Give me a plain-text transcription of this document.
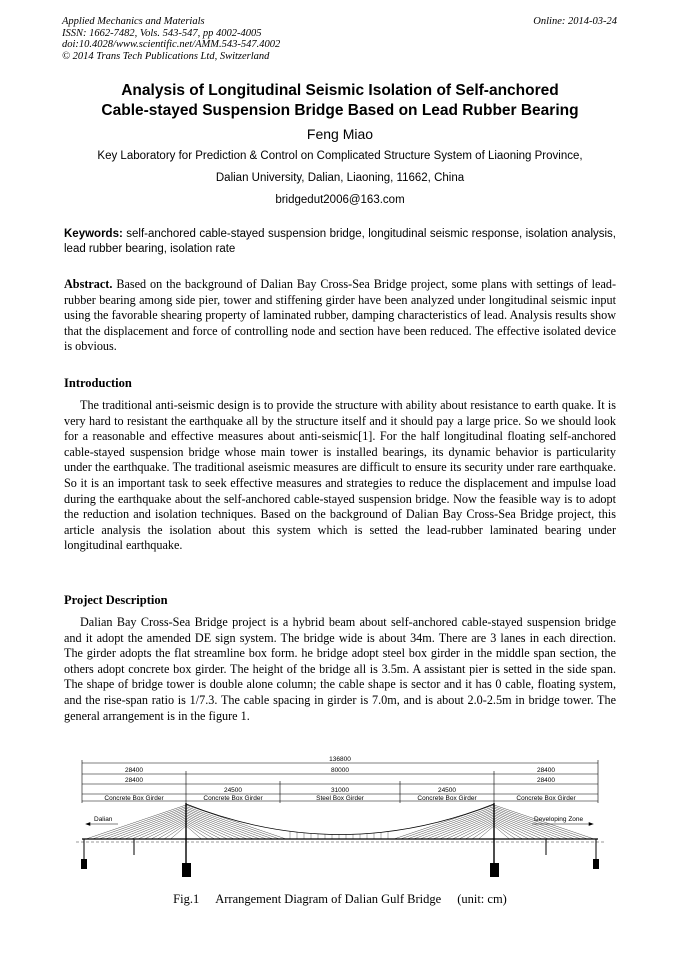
Applied Mechanics and Materials
ISSN: 1662-7482, Vols. 543-547, pp 4002-4005
doi:10.4028/www.scientific.net/AMM.543-547.4002
© 2014 Trans Tech Publications Ltd, Switzerland
Online: 2014-03-24
Analysis of Longitudinal Seismic Isolation of Self-anchored
Cable-stayed Suspension Bridge Based on Lead Rubber Bearing
Feng Miao
Key Laboratory for Prediction & Control on Complicated Structure System of Liaoning Province,
Dalian University, Dalian, Liaoning, 11662, China
bridgedut2006@163.com
Keywords: self-anchored cable-stayed suspension bridge, longitudinal seismic response, isolation analysis, lead rubber bearing, isolation rate
Abstract. Based on the background of Dalian Bay Cross-Sea Bridge project, some plans with settings of lead-rubber bearing among side pier, tower and stiffening girder have been analyzed under longitudinal seismic input using the favorable shearing property of laminated rubber, damping characteristics of lead. Analysis results show that the displacement and force of controlling node and section have been reduced. The effective isolated device is obvious.
Introduction
The traditional anti-seismic design is to provide the structure with ability about resistance to earth quake. It is very hard to resistant the earthquake all by the structure itself and it should pay a large price. So we should look for a reasonable and effective measures about anti-seismic[1]. For the half longitudinal floating self-anchored cable-stayed suspension bridge whose main tower is installed bearings, its dynamic behavior is particularity under the earthquake. The traditional aseismic measures are difficult to ensure its security under rare earthquake. So it is an important task to seek effective measures and strategies to reduce the displacement and impulse load during the earthquake about the self-anchored cable-stayed suspension bridge. Now the feasible way is to adopt the reduction and isolation techniques. Based on the background of Dalian Bay Cross-Sea Bridge project, this article analysis the isolation about this system which is setted the lead-rubber laminated bearing under longitudinal earthquake.
Project Description
Dalian Bay Cross-Sea Bridge project is a hybrid beam about self-anchored cable-stayed suspension bridge and it adopt the amended DE sign system. The bridge wide is about 34m. There are 3 lanes in each direction. The girder adopts the flat streamline box form. he bridge adopt steel box girder in the middle span section, the others adopt concrete box girder. The height of the bridge all is 3.5m. A assistant pier is setted in the side span. The shape of bridge tower is double alone column; the cable shape is sector and it has 0 cable, floating system, and the rise-span ratio is 1/7.3. The cable spacing in girder is 7.0m, and is about 2.0-2.5m in bridge tower. The general arrangement is in the figure 1.
136800
28400	80000	28400
28400
24500	31000	24500
28400
Concrete Box Girder	Concrete Box Girder	Steel Box Girder	Concrete Box Girder	Concrete Box Girder
Dalian	Developing Zone
Fig.1 Arrangement Diagram of Dalian Gulf Bridge (unit: cm)
